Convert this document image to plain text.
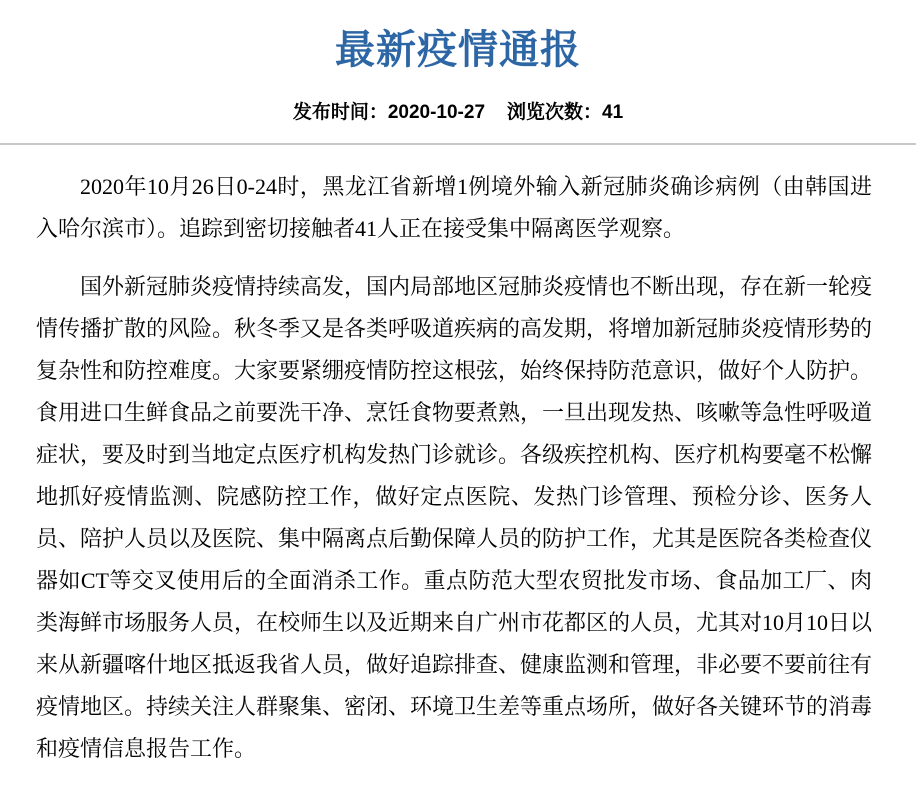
最新疫情通报
发布时间：2020-10-27 浏览次数：41

2020年10月26日0-24时，黑龙江省新增1例境外输入新冠肺炎确诊病例（由韩国进入哈尔滨市）。追踪到密切接触者41人正在接受集中隔离医学观察。

国外新冠肺炎疫情持续高发，国内局部地区冠肺炎疫情也不断出现，存在新一轮疫情传播扩散的风险。秋冬季又是各类呼吸道疾病的高发期，将增加新冠肺炎疫情形势的复杂性和防控难度。大家要紧绷疫情防控这根弦，始终保持防范意识，做好个人防护。食用进口生鲜食品之前要洗干净、烹饪食物要煮熟，一旦出现发热、咳嗽等急性呼吸道症状，要及时到当地定点医疗机构发热门诊就诊。各级疾控机构、医疗机构要毫不松懈地抓好疫情监测、院感防控工作，做好定点医院、发热门诊管理、预检分诊、医务人员、陪护人员以及医院、集中隔离点后勤保障人员的防护工作，尤其是医院各类检查仪器如CT等交叉使用后的全面消杀工作。重点防范大型农贸批发市场、食品加工厂、肉类海鲜市场服务人员，在校师生以及近期来自广州市花都区的人员，尤其对10月10日以来从新疆喀什地区抵返我省人员，做好追踪排查、健康监测和管理，非必要不要前往有疫情地区。持续关注人群聚集、密闭、环境卫生差等重点场所，做好各关键环节的消毒和疫情信息报告工作。
